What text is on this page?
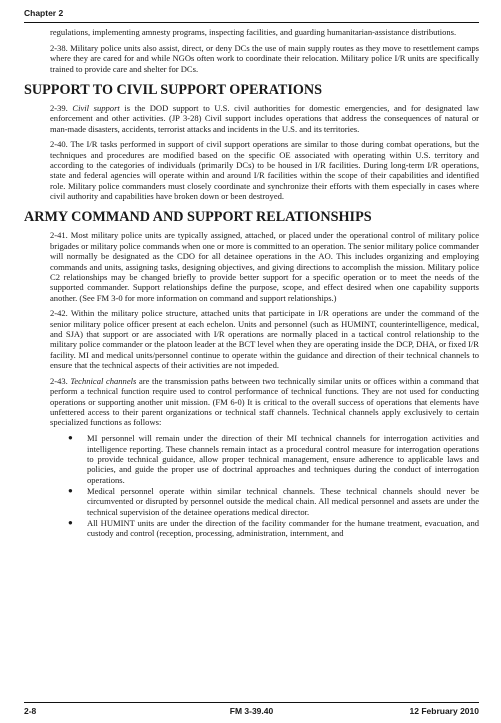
Chapter 2

regulations, implementing amnesty programs, inspecting facilities, and guarding humanitarian-assistance distributions.

2-38. Military police units also assist, direct, or deny DCs the use of main supply routes as they move to resettlement camps where they are cared for and while NGOs often work to coordinate their relocation. Military police I/R units are specifically trained to provide care and shelter for DCs.

SUPPORT TO CIVIL SUPPORT OPERATIONS

2-39. Civil support is the DOD support to U.S. civil authorities for domestic emergencies, and for designated law enforcement and other activities. (JP 3-28) Civil support includes operations that address the consequences of natural or man-made disasters, accidents, terrorist attacks and incidents in the U.S. and its territories.

2-40. The I/R tasks performed in support of civil support operations are similar to those during combat operations, but the techniques and procedures are modified based on the specific OE associated with operating within U.S. territory and according to the categories of individuals (primarily DCs) to be housed in I/R facilities. During long-term I/R operations, state and federal agencies will operate within and around I/R facilities within the scope of their capabilities and identified role. Military police commanders must closely coordinate and synchronize their efforts with them especially in cases where civil authority and capabilities have broken down or been destroyed.

ARMY COMMAND AND SUPPORT RELATIONSHIPS

2-41. Most military police units are typically assigned, attached, or placed under the operational control of military police brigades or military police commands when one or more is committed to an operation. The senior military police commander will normally be designated as the CDO for all detainee operations in the AO. This includes organizing and employing commands and units, assigning tasks, designing objectives, and giving directions to accomplish the mission. Military police C2 relationships may be changed briefly to provide better support for a specific operation or to meet the needs of the supported commander. Support relationships define the purpose, scope, and effect desired when one capability supports another. (See FM 3-0 for more information on command and support relationships.)

2-42. Within the military police structure, attached units that participate in I/R operations are under the command of the senior military police officer present at each echelon. Units and personnel (such as HUMINT, counterintelligence, medical, and SJA) that support or are associated with I/R operations are normally placed in a tactical control relationship to the military police commander or the platoon leader at the BCT level when they are operating inside the DCP, DHA, or fixed I/R facility. MI and medical units/personnel continue to operate within the guidance and direction of their technical channels to ensure that the technical aspects of their activities are not impeded.

2-43. Technical channels are the transmission paths between two technically similar units or offices within a command that perform a technical function require used to control performance of technical functions. They are not used for conducting operations or supporting another unit mission. (FM 6-0) It is critical to the overall success of operations that elements have unfettered access to their parent organizations or technical staff channels. Technical channels apply exclusively to certain specialized functions as follows:

● MI personnel will remain under the direction of their MI technical channels for interrogation activities and intelligence reporting. These channels remain intact as a procedural control measure for interrogation operations to provide technical guidance, allow proper technical management, ensure adherence to applicable laws and policies, and guide the proper use of doctrinal approaches and techniques during the conduct of interrogation operations.
● Medical personnel operate within similar technical channels. These technical channels should never be circumvented or disrupted by personnel outside the medical chain. All medical personnel and assets are under the technical supervision of the detainee operations medical director.
● All HUMINT units are under the direction of the facility commander for the humane treatment, evacuation, and custody and control (reception, processing, administration, internment, and
2-8	FM 3-39.40	12 February 2010
